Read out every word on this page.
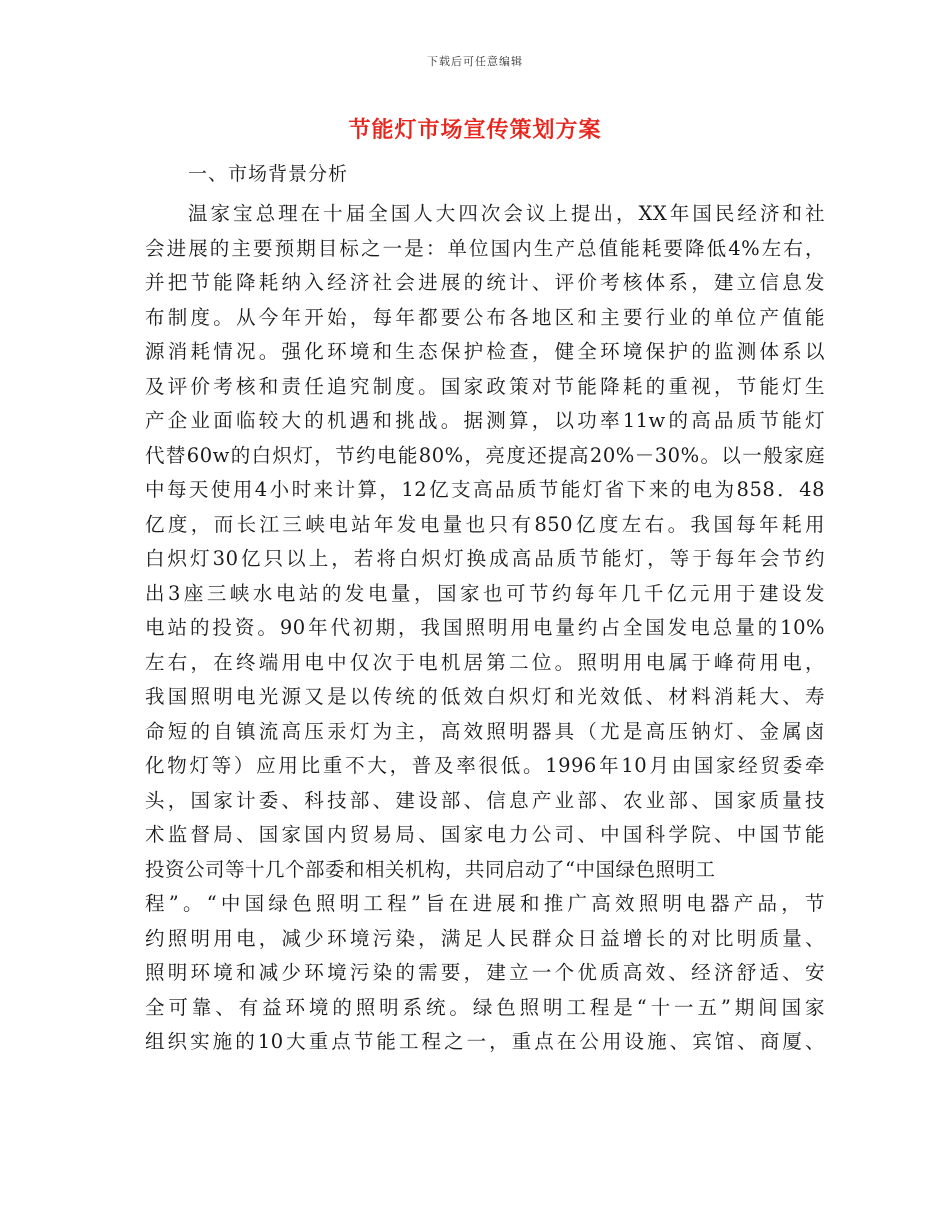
下载后可任意编辑
节能灯市场宣传策划方案
一、市场背景分析
温家宝总理在十届全国人大四次会议上提出，XX年国民经济和社
会进展的主要预期目标之一是：单位国内生产总值能耗要降低4%左右，
并把节能降耗纳入经济社会进展的统计、评价考核体系，建立信息发
布制度。从今年开始，每年都要公布各地区和主要行业的单位产值能
源消耗情况。强化环境和生态保护检查，健全环境保护的监测体系以
及评价考核和责任追究制度。国家政策对节能降耗的重视，节能灯生
产企业面临较大的机遇和挑战。据测算，以功率11w的高品质节能灯
代替60w的白炽灯，节约电能80%，亮度还提高20%－30%。以一般家庭
中每天使用4小时来计算，12亿支高品质节能灯省下来的电为858．48
亿度，而长江三峡电站年发电量也只有850亿度左右。我国每年耗用
白炽灯30亿只以上，若将白炽灯换成高品质节能灯，等于每年会节约
出3座三峡水电站的发电量，国家也可节约每年几千亿元用于建设发
电站的投资。90年代初期，我国照明用电量约占全国发电总量的10%
左右，在终端用电中仅次于电机居第二位。照明用电属于峰荷用电，
我国照明电光源又是以传统的低效白炽灯和光效低、材料消耗大、寿
命短的自镇流高压汞灯为主，高效照明器具（尤是高压钠灯、金属卤
化物灯等）应用比重不大，普及率很低。1996年10月由国家经贸委牵
头，国家计委、科技部、建设部、信息产业部、农业部、国家质量技
术监督局、国家国内贸易局、国家电力公司、中国科学院、中国节能
投资公司等十几个部委和相关机构，共同启动了“中国绿色照明工
程”。“中国绿色照明工程”旨在进展和推广高效照明电器产品，节
约照明用电，减少环境污染，满足人民群众日益增长的对比明质量、
照明环境和减少环境污染的需要，建立一个优质高效、经济舒适、安
全可靠、有益环境的照明系统。绿色照明工程是“十一五”期间国家
组织实施的10大重点节能工程之一，重点在公用设施、宾馆、商厦、
